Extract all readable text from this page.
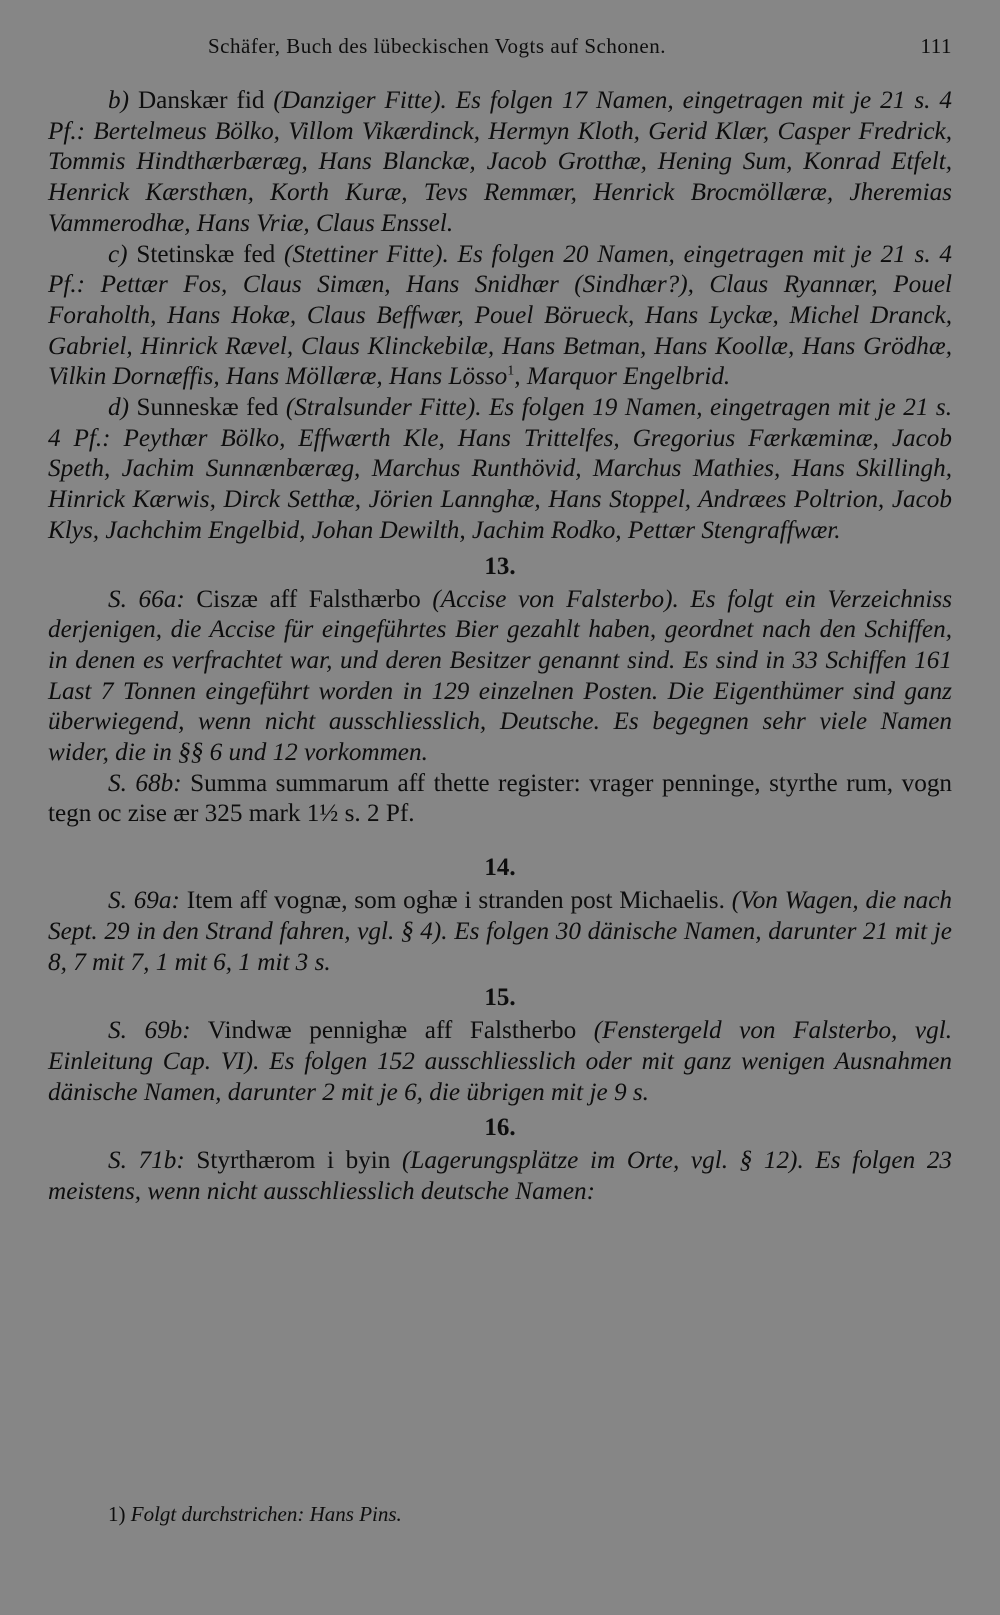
Schäfer, Buch des lübeckischen Vogts auf Schonen.	111

b) Danskær fid (Danziger Fitte). Es folgen 17 Namen, eingetragen mit je 21 s. 4 Pf.: Bertelmeus Bölko, Villom Vikærdinck, Hermyn Kloth, Gerid Klær, Casper Fredrick, Tommis Hindthærbæræg, Hans Blanckæ, Jacob Grotthæ, Hening Sum, Konrad Etfelt, Henrick Kærsthæn, Korth Kuræ, Tevs Remmær, Henrick Brocmöllæræ, Jheremias Vammerodhæ, Hans Vriæ, Claus Enssel.

c) Stetinskæ fed (Stettiner Fitte). Es folgen 20 Namen, eingetragen mit je 21 s. 4 Pf.: Pettær Fos, Claus Simæn, Hans Snidhær (Sindhær?), Claus Ryannær, Pouel Foraholth, Hans Hokæ, Claus Beffwær, Pouel Börueck, Hans Lyckæ, Michel Dranck, Gabriel, Hinrick Rævel, Claus Klinckebilæ, Hans Betman, Hans Koollæ, Hans Grödhæ, Vilkin Dornæffis, Hans Möllæræ, Hans Lösso$^1$, Marquor Engelbrid.

d) Sunneskæ fed (Stralsunder Fitte). Es folgen 19 Namen, eingetragen mit je 21 s. 4 Pf.: Peythær Bölko, Effwærth Kle, Hans Trittelfes, Gregorius Færkæminæ, Jacob Speth, Jachim Sunnænbæræg, Marchus Runthövid, Marchus Mathies, Hans Skillingh, Hinrick Kærwis, Dirck Setthæ, Jörien Lannghæ, Hans Stoppel, Andræes Poltrion, Jacob Klys, Jachchim Engelbid, Johan Dewilth, Jachim Rodko, Pettær Stengraffwær.

13.

S. 66a: Ciszæ aff Falsthærbo (Accise von Falsterbo). Es folgt ein Verzeichniss derjenigen, die Accise für eingeführtes Bier gezahlt haben, geordnet nach den Schiffen, in denen es verfrachtet war, und deren Besitzer genannt sind. Es sind in 33 Schiffen 161 Last 7 Tonnen eingeführt worden in 129 einzelnen Posten. Die Eigenthümer sind ganz überwiegend, wenn nicht ausschliesslich, Deutsche. Es begegnen sehr viele Namen wider, die in §§ 6 und 12 vorkommen.

S. 68b: Summa summarum aff thette register: vrager penninge, styrthe rum, vogn tegn oc zise ær 325 mark 1½ s. 2 Pf.

14.

S. 69a: Item aff vognæ, som oghæ i stranden post Michaelis. (Von Wagen, die nach Sept. 29 in den Strand fahren, vgl. § 4). Es folgen 30 dänische Namen, darunter 21 mit je 8, 7 mit 7, 1 mit 6, 1 mit 3 s.

15.

S. 69b: Vindwæ pennighæ aff Falstherbo (Fenstergeld von Falsterbo, vgl. Einleitung Cap. VI). Es folgen 152 ausschliesslich oder mit ganz wenigen Ausnahmen dänische Namen, darunter 2 mit je 6, die übrigen mit je 9 s.

16.

S. 71b: Styrthærom i byin (Lagerungsplätze im Orte, vgl. § 12). Es folgen 23 meistens, wenn nicht ausschliesslich deutsche Namen:

1) Folgt durchstrichen: Hans Pins.
